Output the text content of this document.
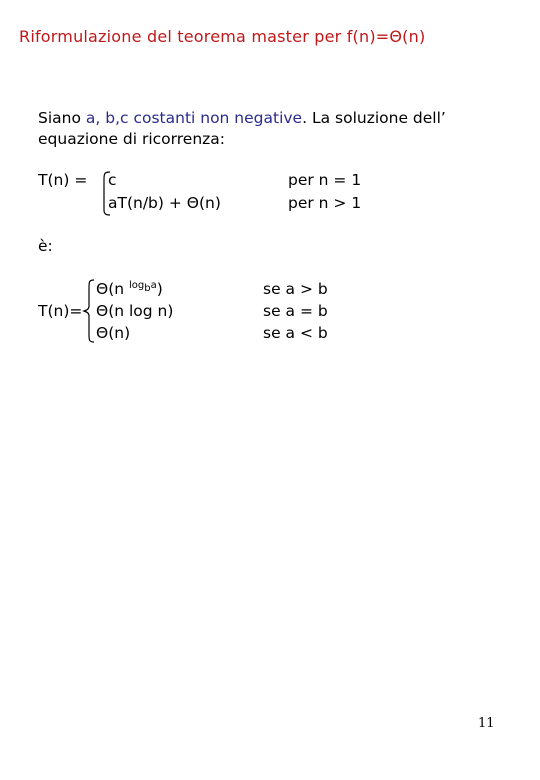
Riformulazione del teorema master per f(n)=Θ(n)
Siano a, b,c costanti non negative. La soluzione dell’
equazione di ricorrenza:
T(n) = c
aT(n/b) + Θ(n)
per n = 1
per n > 1
è:
T(n)=
Θ(n $^{logba}$)
Θ(n log n)
Θ(n)
se a > b
se a = b
se a < b
11
